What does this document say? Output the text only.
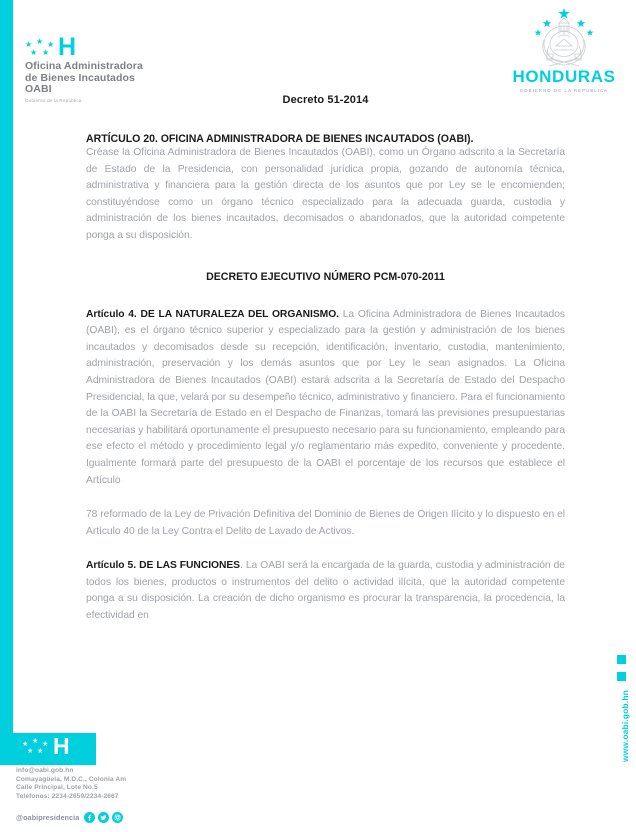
★ ★ ★
★ ★ H
Oficina Administradora
de Bienes Incautados
OABI
Gobierno de la República
HONDURAS
GOBIERNO DE LA REPÚBLICA
Decreto 51-2014
ARTÍCULO 20. OFICINA ADMINISTRADORA DE BIENES INCAUTADOS (OABI).

Créase la Oficina Administradora de Bienes Incautados (OABI), como un Órgano adscrito a la Secretaría de Estado de la Presidencia, con personalidad jurídica propia, gozando de autonomía técnica, administrativa y financiera para la gestión directa de los asuntos que por Ley se le encomienden; constituyéndose como un órgano técnico especializado para la adecuada guarda, custodia y administración de los bienes incautados, decomisados o abandonados, que la autoridad competente ponga a su disposición.

DECRETO EJECUTIVO NÚMERO PCM-070-2011

Artículo 4. DE LA NATURALEZA DEL ORGANISMO. La Oficina Administradora de Bienes Incautados (OABI), es el órgano técnico superior y especializado para la gestión y administración de los bienes incautados y decomisados desde su recepción, identificación, inventario, custodia, mantenimiento, administración, preservación y los demás asuntos que por Ley le sean asignados. La Oficina Administradora de Bienes Incautados (OABI) estará adscrita a la Secretaría de Estado del Despacho Presidencial, la que, velará por su desempeño técnico, administrativo y financiero. Para el funcionamiento de la OABI la Secretaría de Estado en el Despacho de Finanzas, tomará las previsiones presupuestarias necesarias y habilitará oportunamente el presupuesto necesario para su funcionamiento, empleando para ese efecto el método y procedimiento legal y/o reglamentario más expedito, conveniente y procedente. Igualmente formará parte del presupuesto de la OABI el porcentaje de los recursos que establece el Artículo

78 reformado de la Ley de Privación Definitiva del Dominio de Bienes de Origen Ilícito y lo dispuesto en el Artículo 40 de la Ley Contra el Delito de Lavado de Activos.

Artículo 5. DE LAS FUNCIONES. La OABI será la encargada de la guarda, custodia y administración de todos los bienes, productos o instrumentos del delito o actividad ilícita, que la autoridad competente ponga a su disposición. La creación de dicho organismo es procurar la transparencia, la procedencia, la efectividad en

www.oabi.gob.hn
★ ★ ★
★ ★ H
info@oabi.gob.hn
Comayagüela, M.D.C., Colonia Am
Calle Principal, Lote No.5
Teléfonos: 2234-2659/2234-2667
@oabipresidencia
